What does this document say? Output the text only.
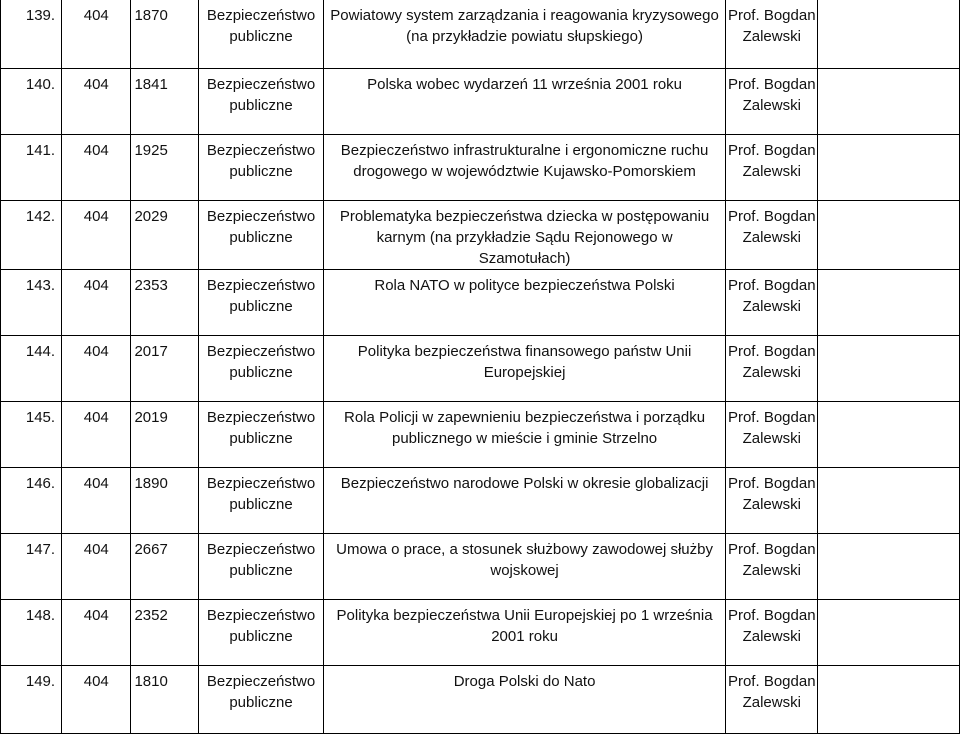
139.	404	1870	Bezpieczeństwo publiczne	Powiatowy system zarządzania i reagowania kryzysowego (na przykładzie powiatu słupskiego)	Prof. Bogdan Zalewski	
140.	404	1841	Bezpieczeństwo publiczne	Polska wobec wydarzeń 11 września 2001 roku	Prof. Bogdan Zalewski	
141.	404	1925	Bezpieczeństwo publiczne	Bezpieczeństwo infrastrukturalne i ergonomiczne ruchu drogowego w województwie Kujawsko-Pomorskiem	Prof. Bogdan Zalewski	
142.	404	2029	Bezpieczeństwo publiczne	Problematyka bezpieczeństwa dziecka w postępowaniu karnym (na przykładzie Sądu Rejonowego w Szamotułach)	Prof. Bogdan Zalewski	
143.	404	2353	Bezpieczeństwo publiczne	Rola NATO w polityce bezpieczeństwa Polski	Prof. Bogdan Zalewski	
144.	404	2017	Bezpieczeństwo publiczne	Polityka bezpieczeństwa finansowego państw Unii Europejskiej	Prof. Bogdan Zalewski	
145.	404	2019	Bezpieczeństwo publiczne	Rola Policji w zapewnieniu bezpieczeństwa i porządku publicznego w mieście i gminie Strzelno	Prof. Bogdan Zalewski	
146.	404	1890	Bezpieczeństwo publiczne	Bezpieczeństwo narodowe Polski w okresie globalizacji	Prof. Bogdan Zalewski	
147.	404	2667	Bezpieczeństwo publiczne	Umowa o prace, a stosunek służbowy zawodowej służby wojskowej	Prof. Bogdan Zalewski	
148.	404	2352	Bezpieczeństwo publiczne	Polityka bezpieczeństwa Unii Europejskiej po 1 września 2001 roku	Prof. Bogdan Zalewski	
149.	404	1810	Bezpieczeństwo publiczne	Droga Polski do Nato	Prof. Bogdan Zalewski	
